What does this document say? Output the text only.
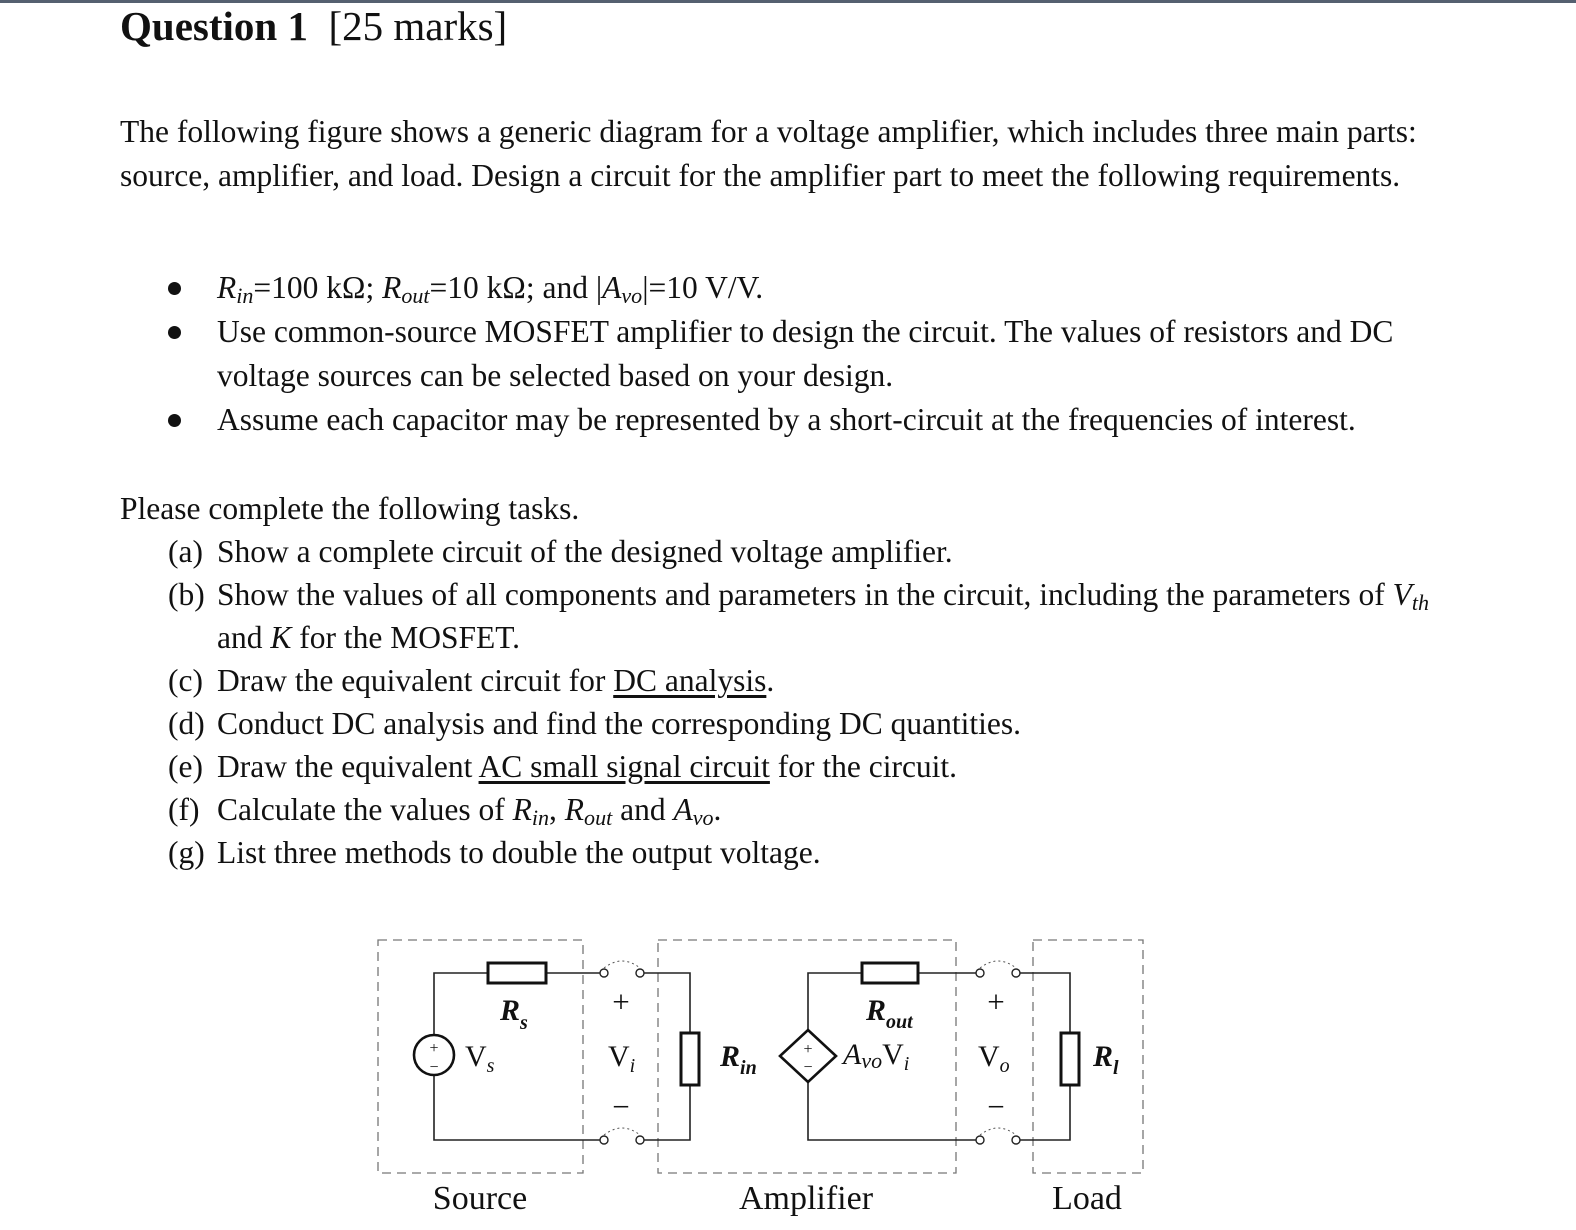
Question 1 [25 marks]

The following figure shows a generic diagram for a voltage amplifier, which includes three main parts: source, amplifier, and load. Design a circuit for the amplifier part to meet the following requirements.

$R_{in}=100$ kΩ; $R_{out}=10$ kΩ; and $|A_{vo}|=10$ V/V.
Use common-source MOSFET amplifier to design the circuit. The values of resistors and DC voltage sources can be selected based on your design.
Assume each capacitor may be represented by a short-circuit at the frequencies of interest.
Please complete the following tasks.
(a) Show a complete circuit of the designed voltage amplifier.
(b) Show the values of all components and parameters in the circuit, including the parameters of $V_{th}$ and K for the MOSFET.
(c) Draw the equivalent circuit for DC analysis.
(d) Conduct DC analysis and find the corresponding DC quantities.
(e) Draw the equivalent AC small signal circuit for the circuit.
(f) Calculate the values of $R_{in}$, $R_{out}$ and $A_{vo}$.
(g) List three methods to double the output voltage.
+
−
+
−
+
−
+
−
$R_s$
$V_s$	$V_i$	$R_{in}$
$R_{out}$
AvoV$_i$ $V_o$	$R_l$
Source	Amplifier	Load
